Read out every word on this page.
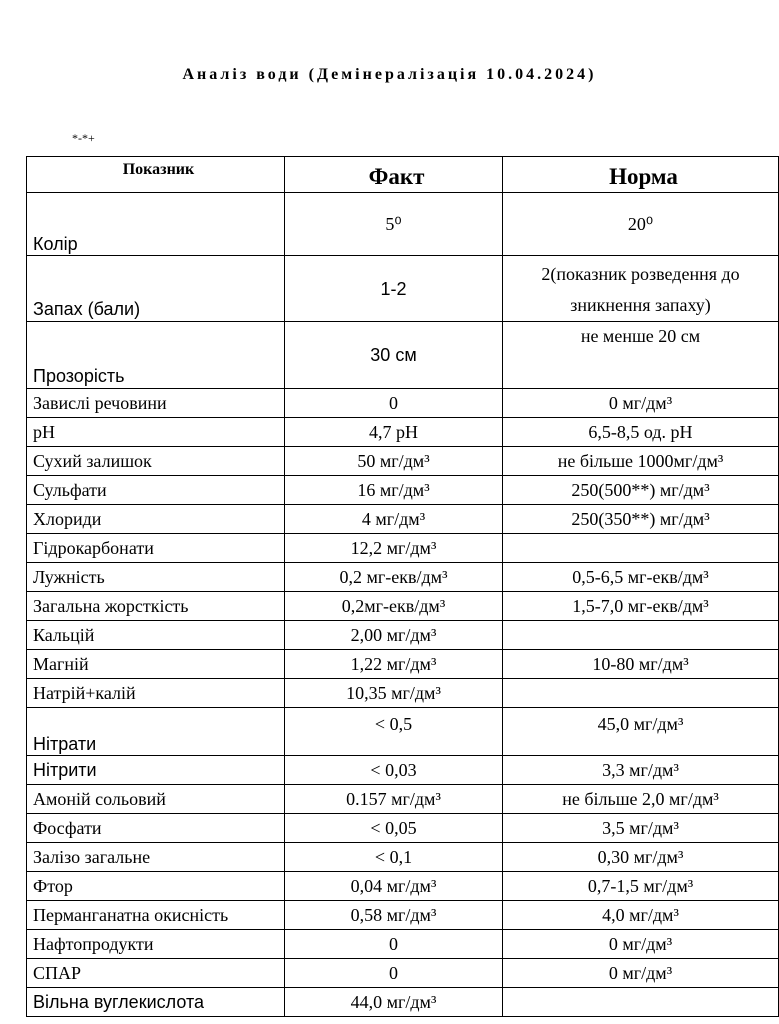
Аналіз води (Демінералізація 10.04.2024)
*-*+
Показник	Факт	Норма
Колір	5⁰	20⁰
Запах (бали)	1-2	2(показник розведення до зникнення запаху)
Прозорість	30 см	не менше 20 см
Завислі речовини	0	0 мг/дм³
pH	4,7 pH	6,5-8,5 од. pH
Сухий залишок	50 мг/дм³	не більше 1000мг/дм³
Сульфати	16 мг/дм³	250(500**) мг/дм³
Хлориди	4 мг/дм³	250(350**) мг/дм³
Гідрокарбонати	12,2 мг/дм³	
Лужність	0,2 мг-екв/дм³	0,5-6,5 мг-екв/дм³
Загальна жорсткість	0,2мг-екв/дм³	1,5-7,0 мг-екв/дм³
Кальцій	2,00 мг/дм³	
Магній	1,22 мг/дм³	10-80 мг/дм³
Натрій+калій	10,35 мг/дм³	
Нітрати	< 0,5	45,0 мг/дм³
Нітрити	< 0,03	3,3 мг/дм³
Амоній сольовий	0.157 мг/дм³	не більше 2,0 мг/дм³
Фосфати	< 0,05	3,5 мг/дм³
Залізо загальне	< 0,1	0,30 мг/дм³
Фтор	0,04 мг/дм³	0,7-1,5 мг/дм³
Перманганатна окисність	0,58 мг/дм³	4,0 мг/дм³
Нафтопродукти	0	0 мг/дм³
СПАР	0	0 мг/дм³
Вільна вуглекислота	44,0 мг/дм³	
